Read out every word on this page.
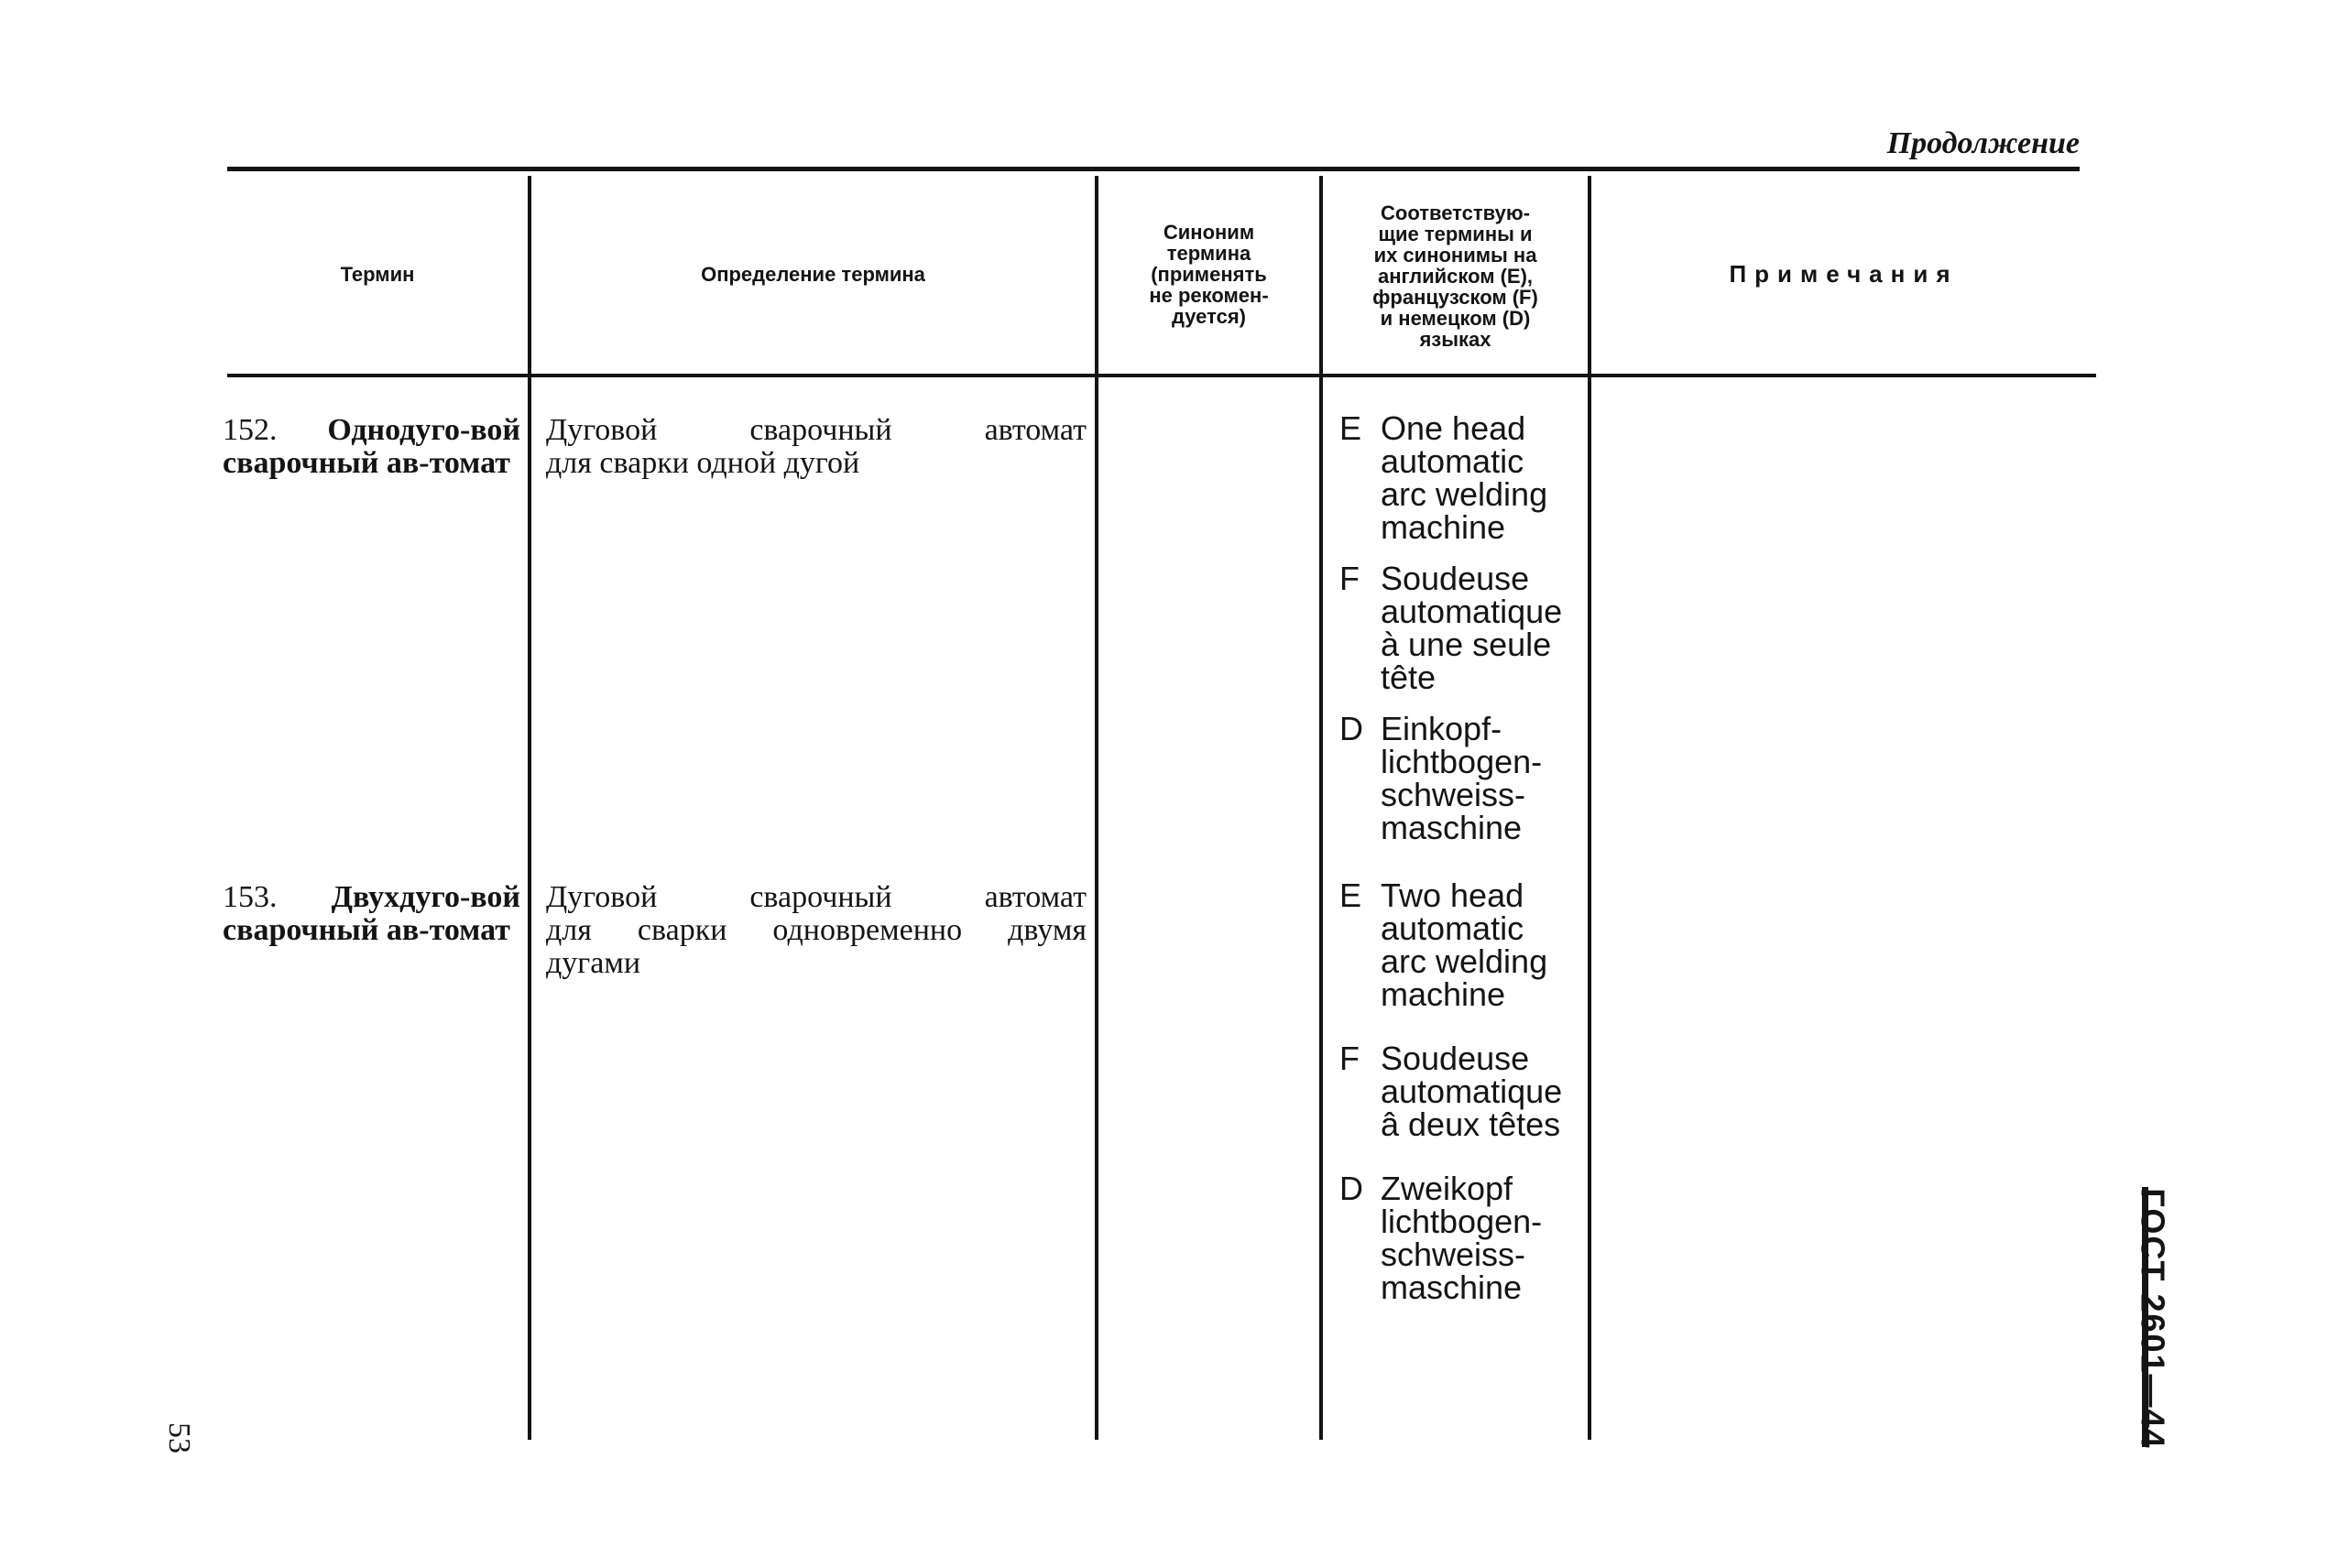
Продолжение
Термин	Определение термина
Синоним
термина
(применять
не рекомен-
дуется)
Соответствую-
щие термины и
их синонимы на
английском (E),
французском (F)
и немецком (D)
языках
Примечания
152. Однодуго-вой сварочный ав-томат
Дуговой сварочный автомат
для сварки одной дугой
E One head
automatic
arc welding
machine
F Soudeuse
automatique
à une seule
tête
D Einkopf-
lichtbogen-
schweiss-
maschine
153. Двухдуго-вой сварочный ав-томат
Дуговой сварочный автомат
для сварки одновременно двумя
дугами
E Two head
automatic
arc welding
machine
F Soudeuse
automatique
â deux têtes
D Zweikopf
lichtbogen-
schweiss-
maschine	ГОСТ 2601—44
53
